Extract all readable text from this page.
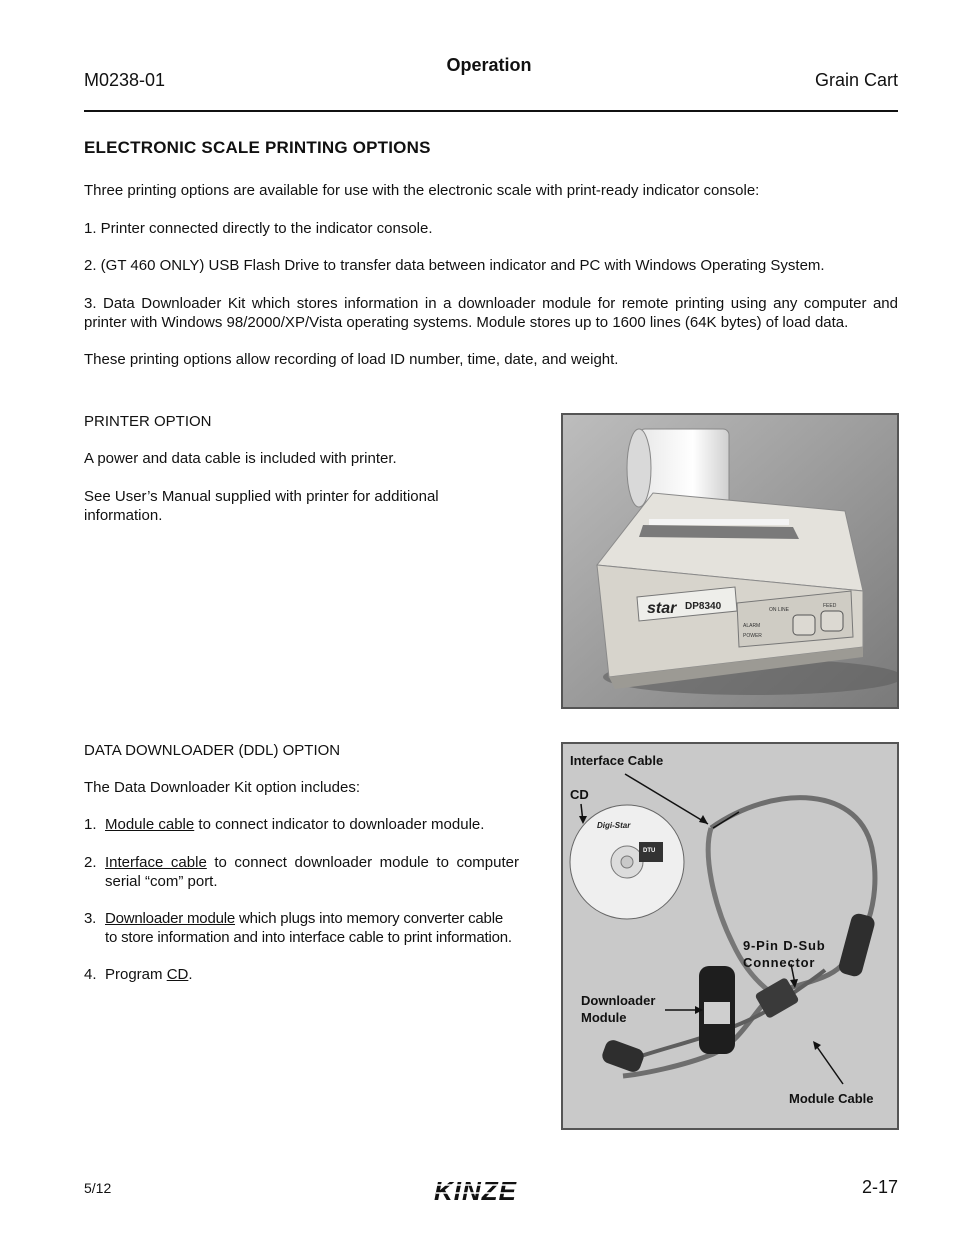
M0238-01
Operation
Grain Cart
ELECTRONIC SCALE PRINTING OPTIONS
Three printing options are available for use with the electronic scale with print-ready indicator console:
1. Printer connected directly to the indicator console.
2. (GT 460 ONLY) USB Flash Drive to transfer data between indicator and PC with Windows Operating System.
3. Data Downloader Kit which stores information in a downloader module for remote printing using any computer and printer with Windows 98/2000/XP/Vista operating systems. Module stores up to 1600 lines (64K bytes) of load data.
These printing options allow recording of load ID number, time, date, and weight.
PRINTER OPTION
A power and data cable is included with printer.
See User’s Manual supplied with printer for additional information.
star DP8340
ALARM
POWER
ON LINE
FEED
DATA DOWNLOADER (DDL) OPTION
The Data Downloader Kit option includes:
1. Module cable to connect indicator to downloader module.
2. Interface cable to connect downloader module to computer serial “com” port.
3. Downloader module which plugs into memory converter cable to store information and into interface cable to print information.
4. Program CD.
DTU
Digi-Star
Interface Cable
CD
9-Pin D-Sub
Connector
Downloader
Module
Module Cable
5/12	KINZE	2-17
